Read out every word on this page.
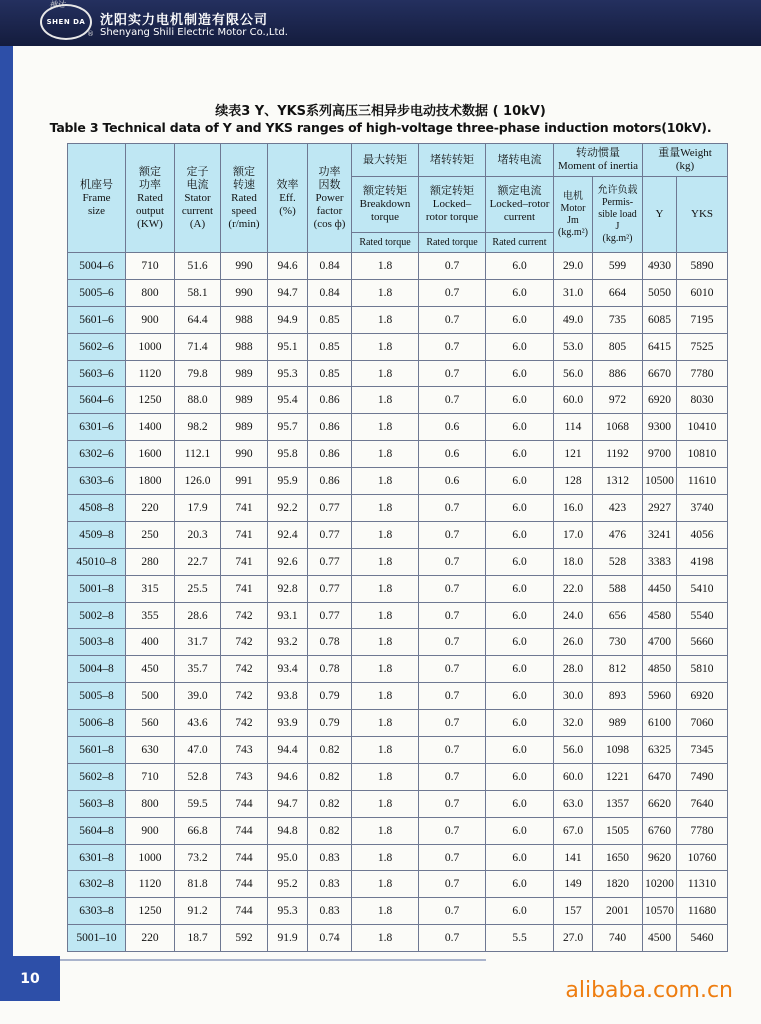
SHEN DA
神达
®
沈阳实力电机制造有限公司
Shenyang Shili Electric Motor Co.,Ltd.
续表3 Y、YKS系列高压三相异步电动技术数据 ( 10kV)
Table 3 Technical data of Y and YKS ranges of high-voltage three-phase induction motors(10kV).
机座号
Frame
size	额定
功率
Rated
output
(KW)	定子
电流
Stator
current
(A)	额定
转速
Rated
speed
(r/min)	效率
Eff.
(%)	功率
因数
Power
factor
(cos ф)	最大转矩	堵转转矩	堵转电流	转动惯量
Moment of inertia		重量Weight
(kg)	

						额定转矩
Breakdown
torque	额定转矩
Locked–
rotor torque	额定电流
Locked–rotor
current	电机
Motor
Jm
(kg.m²)	允许负载
Permis-
sible load
J
(kg.m²)	Y	YKS
						Rated torque	Rated torque	Rated current				
5004–6	710	51.6	990	94.6	0.84	1.8	0.7	6.0	29.0	599	4930	5890
5005–6	800	58.1	990	94.7	0.84	1.8	0.7	6.0	31.0	664	5050	6010
5601–6	900	64.4	988	94.9	0.85	1.8	0.7	6.0	49.0	735	6085	7195
5602–6	1000	71.4	988	95.1	0.85	1.8	0.7	6.0	53.0	805	6415	7525
5603–6	1120	79.8	989	95.3	0.85	1.8	0.7	6.0	56.0	886	6670	7780
5604–6	1250	88.0	989	95.4	0.86	1.8	0.7	6.0	60.0	972	6920	8030
6301–6	1400	98.2	989	95.7	0.86	1.8	0.6	6.0	114	1068	9300	10410
6302–6	1600	112.1	990	95.8	0.86	1.8	0.6	6.0	121	1192	9700	10810
6303–6	1800	126.0	991	95.9	0.86	1.8	0.6	6.0	128	1312	10500	11610
4508–8	220	17.9	741	92.2	0.77	1.8	0.7	6.0	16.0	423	2927	3740
4509–8	250	20.3	741	92.4	0.77	1.8	0.7	6.0	17.0	476	3241	4056
45010–8	280	22.7	741	92.6	0.77	1.8	0.7	6.0	18.0	528	3383	4198
5001–8	315	25.5	741	92.8	0.77	1.8	0.7	6.0	22.0	588	4450	5410
5002–8	355	28.6	742	93.1	0.77	1.8	0.7	6.0	24.0	656	4580	5540
5003–8	400	31.7	742	93.2	0.78	1.8	0.7	6.0	26.0	730	4700	5660
5004–8	450	35.7	742	93.4	0.78	1.8	0.7	6.0	28.0	812	4850	5810
5005–8	500	39.0	742	93.8	0.79	1.8	0.7	6.0	30.0	893	5960	6920
5006–8	560	43.6	742	93.9	0.79	1.8	0.7	6.0	32.0	989	6100	7060
5601–8	630	47.0	743	94.4	0.82	1.8	0.7	6.0	56.0	1098	6325	7345
5602–8	710	52.8	743	94.6	0.82	1.8	0.7	6.0	60.0	1221	6470	7490
5603–8	800	59.5	744	94.7	0.82	1.8	0.7	6.0	63.0	1357	6620	7640
5604–8	900	66.8	744	94.8	0.82	1.8	0.7	6.0	67.0	1505	6760	7780
6301–8	1000	73.2	744	95.0	0.83	1.8	0.7	6.0	141	1650	9620	10760
6302–8	1120	81.8	744	95.2	0.83	1.8	0.7	6.0	149	1820	10200	11310
6303–8	1250	91.2	744	95.3	0.83	1.8	0.7	6.0	157	2001	10570	11680
5001–10	220	18.7	592	91.9	0.74	1.8	0.7	5.5	27.0	740	4500	5460
10	alibaba.com.cn
